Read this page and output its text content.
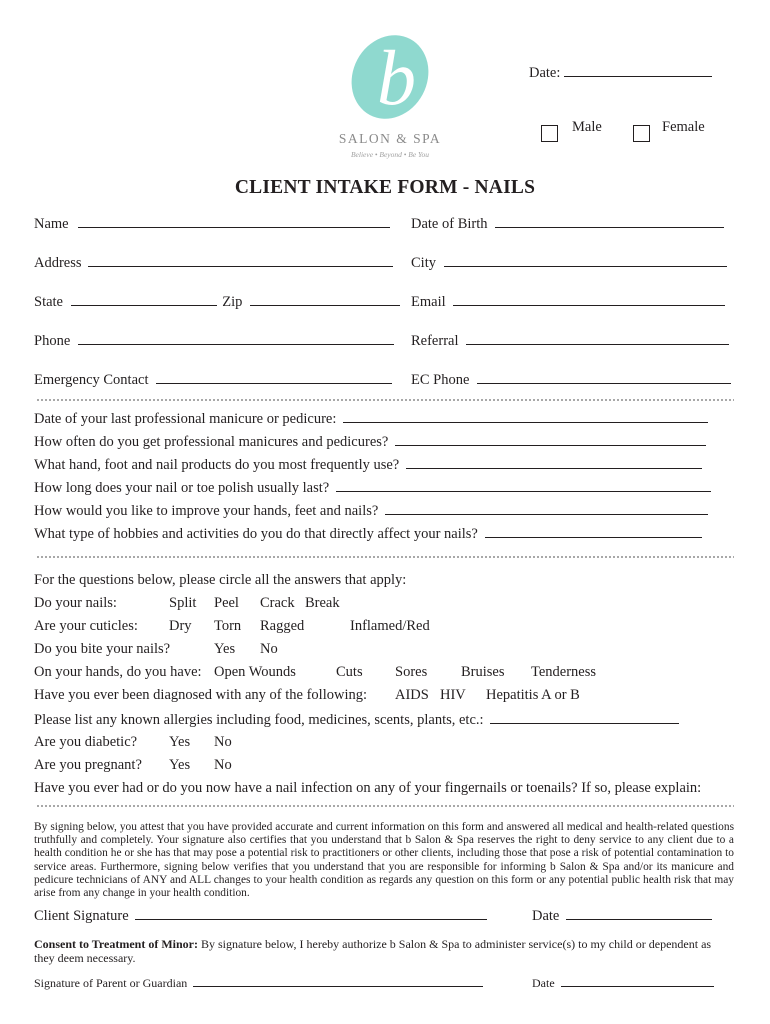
b
SALON & SPA
Believe • Beyond • Be You
Date:
Male	Female
CLIENT INTAKE FORM - NAILS
Name	Date of Birth
Address	City
State	Zip	Email
Phone	Referral
Emergency Contact	EC Phone
Date of your last professional manicure or pedicure:
How often do you get professional manicures and pedicures?
What hand, foot and nail products do you most frequently use?
How long does your nail or toe polish usually last?
How would you like to improve your hands, feet and nails?
What type of hobbies and activities do you do that directly affect your nails?
For the questions below, please circle all the answers that apply:
Do your nails:	Split Peel Crack Break
Are your cuticles: Dry Torn Ragged	Inflamed/Red
Do you bite your nails?	Yes No
On your hands, do you have: Open Wounds	Cuts Sores Bruises Tenderness
Have you ever been diagnosed with any of the following: AIDS HIV Hepatitis A or B
Please list any known allergies including food, medicines, scents, plants, etc.:
Are you diabetic? Yes No
Are you pregnant? Yes No
Have you ever had or do you now have a nail infection on any of your fingernails or toenails? If so, please explain:
By signing below, you attest that you have provided accurate and current information on this form and answered all medical and health-related questions truthfully and completely. Your signature also certifies that you understand that b Salon & Spa reserves the right to deny service to any client due to a health condition he or she has that may pose a potential risk to practitioners or other clients, including those that pose a risk of potential contamination to service areas. Furthermore, signing below verifies that you understand that you are responsible for informing b Salon & Spa and/or its manicure and pedicure technicians of ANY and ALL changes to your health condition as regards any question on this form or any potential public health risk that may arise from any change in your health condition.
Client Signature	Date
Consent to Treatment of Minor: By signature below, I hereby authorize b Salon & Spa to administer service(s) to my child or dependent as they deem necessary.
Signature of Parent or Guardian	Date
